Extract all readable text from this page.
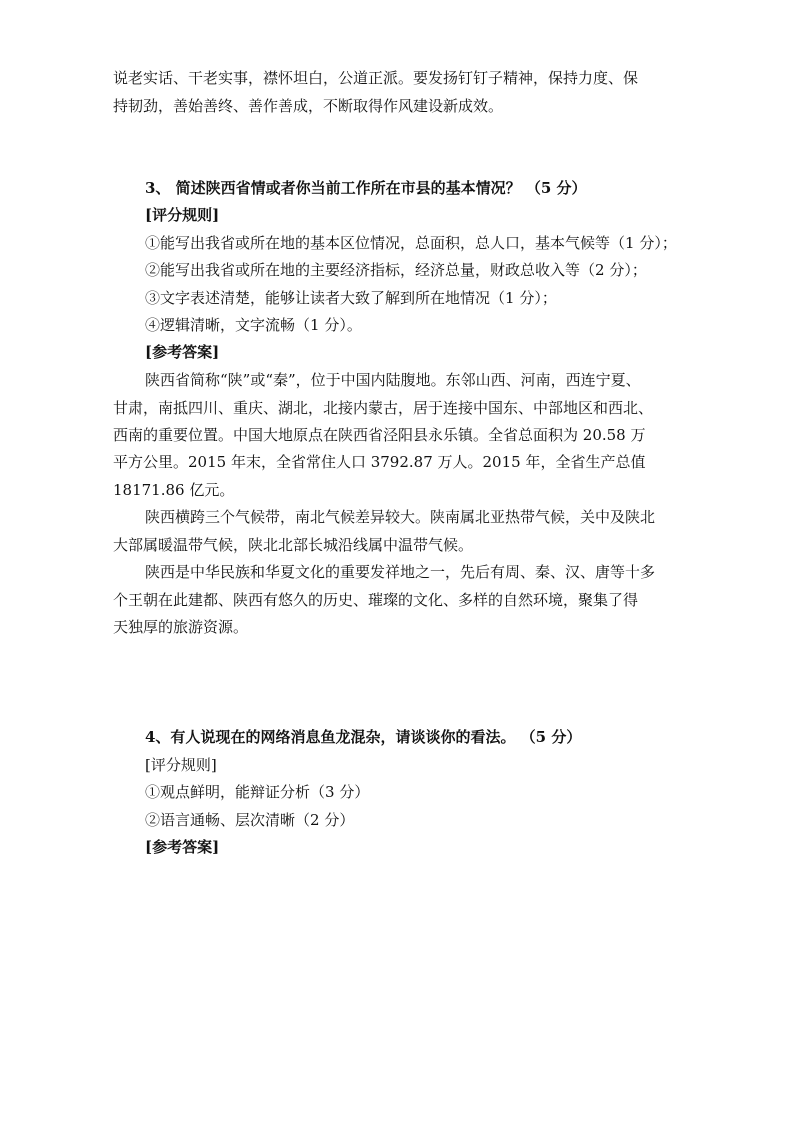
说老实话、干老实事，襟怀坦白，公道正派。要发扬钉钉子精神，保持力度、保
持韧劲，善始善终、善作善成，不断取得作风建设新成效。
3、 简述陕西省情或者你当前工作所在市县的基本情况？ （5 分）
[评分规则]
①能写出我省或所在地的基本区位情况，总面积，总人口，基本气候等（1 分）；
②能写出我省或所在地的主要经济指标，经济总量，财政总收入等（2 分）；
③文字表述清楚，能够让读者大致了解到所在地情况（1 分）；
④逻辑清晰，文字流畅（1 分）。
[参考答案]
陕西省简称“陕”或“秦”，位于中国内陆腹地。东邻山西、河南，西连宁夏、
甘肃，南抵四川、重庆、湖北，北接内蒙古，居于连接中国东、中部地区和西北、
西南的重要位置。中国大地原点在陕西省泾阳县永乐镇。全省总面积为 20.58 万
平方公里。2015 年末，全省常住人口 3792.87 万人。2015 年，全省生产总值
18171.86 亿元。
陕西横跨三个气候带，南北气候差异较大。陕南属北亚热带气候，关中及陕北
大部属暖温带气候，陕北北部长城沿线属中温带气候。
陕西是中华民族和华夏文化的重要发祥地之一，先后有周、秦、汉、唐等十多
个王朝在此建都、陕西有悠久的历史、璀璨的文化、多样的自然环境，聚集了得
天独厚的旅游资源。
4、有人说现在的网络消息鱼龙混杂，请谈谈你的看法。 （5 分）
[评分规则]
①观点鲜明，能辩证分析（3 分）
②语言通畅、层次清晰（2 分）
[参考答案]
